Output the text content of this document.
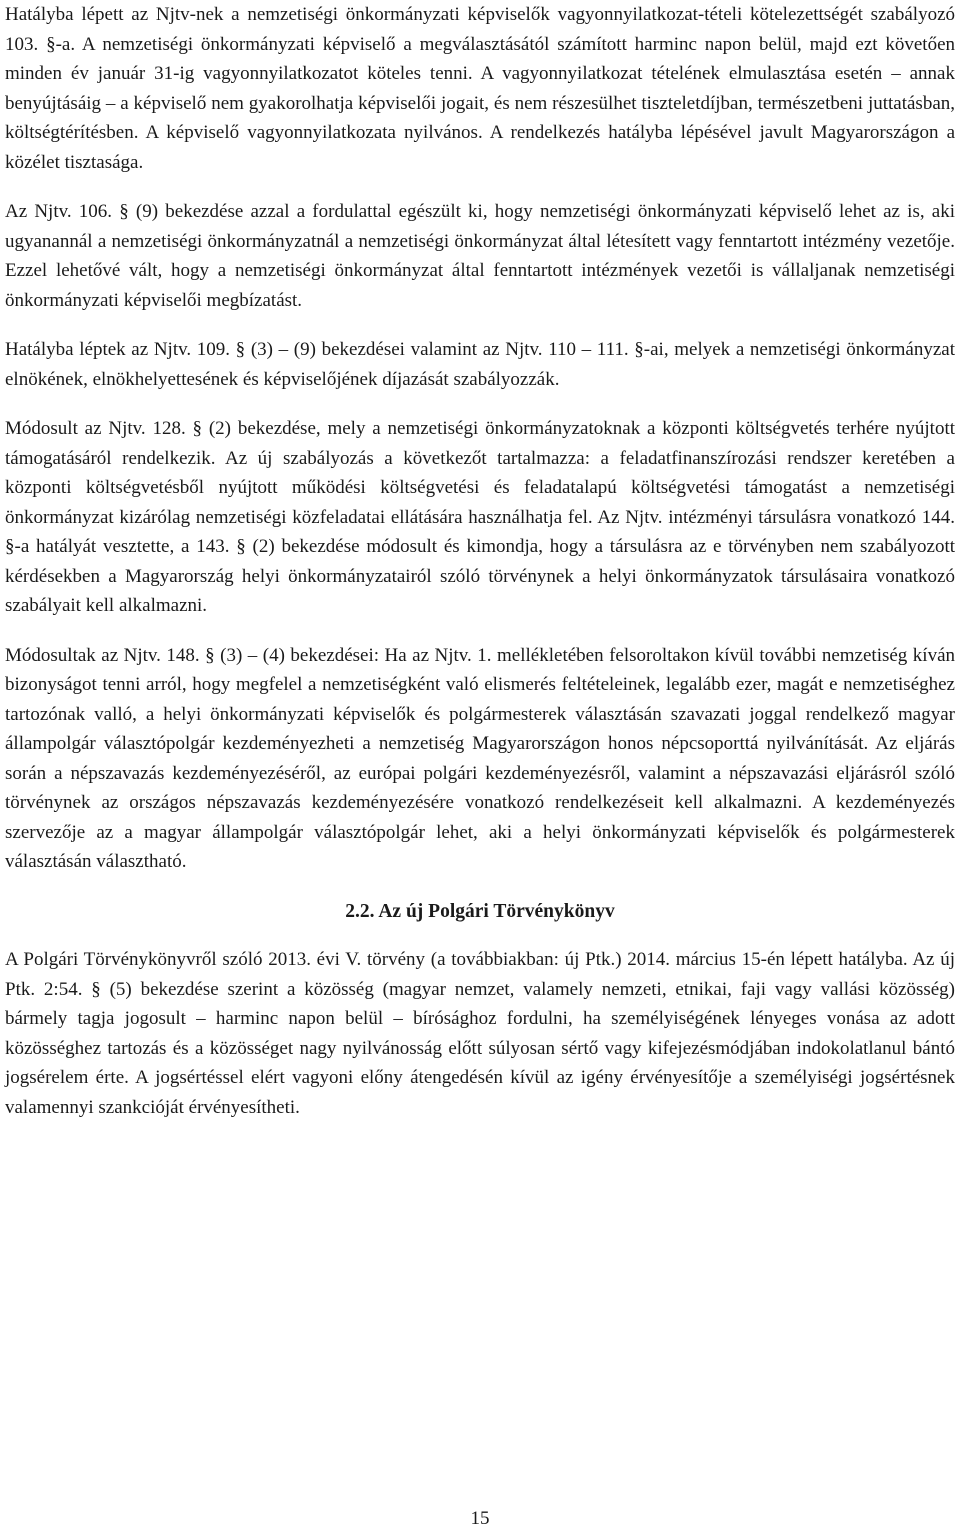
Hatályba lépett az Njtv-nek a nemzetiségi önkormányzati képviselők vagyonnyilatkozat-tételi kötelezettségét szabályozó 103. §-a. A nemzetiségi önkormányzati képviselő a megválasztásától számított harminc napon belül, majd ezt követően minden év január 31-ig vagyonnyilatkozatot köteles tenni. A vagyonnyilatkozat tételének elmulasztása esetén – annak benyújtásáig – a képviselő nem gyakorolhatja képviselői jogait, és nem részesülhet tiszteletdíjban, természetbeni juttatásban, költségtérítésben. A képviselő vagyonnyilatkozata nyilvános. A rendelkezés hatályba lépésével javult Magyarországon a közélet tisztasága.

Az Njtv. 106. § (9) bekezdése azzal a fordulattal egészült ki, hogy nemzetiségi önkormányzati képviselő lehet az is, aki ugyanannál a nemzetiségi önkormányzatnál a nemzetiségi önkormányzat által létesített vagy fenntartott intézmény vezetője. Ezzel lehetővé vált, hogy a nemzetiségi önkormányzat által fenntartott intézmények vezetői is vállaljanak nemzetiségi önkormányzati képviselői megbízatást.

Hatályba léptek az Njtv. 109. § (3) – (9) bekezdései valamint az Njtv. 110 – 111. §-ai, melyek a nemzetiségi önkormányzat elnökének, elnökhelyettesének és képviselőjének díjazását szabályozzák.

Módosult az Njtv. 128. § (2) bekezdése, mely a nemzetiségi önkormányzatoknak a központi költségvetés terhére nyújtott támogatásáról rendelkezik. Az új szabályozás a következőt tartalmazza: a feladatfinanszírozási rendszer keretében a központi költségvetésből nyújtott működési költségvetési és feladatalapú költségvetési támogatást a nemzetiségi önkormányzat kizárólag nemzetiségi közfeladatai ellátására használhatja fel. Az Njtv. intézményi társulásra vonatkozó 144. §-a hatályát vesztette, a 143. § (2) bekezdése módosult és kimondja, hogy a társulásra az e törvényben nem szabályozott kérdésekben a Magyarország helyi önkormányzatairól szóló törvénynek a helyi önkormányzatok társulásaira vonatkozó szabályait kell alkalmazni.

Módosultak az Njtv. 148. § (3) – (4) bekezdései: Ha az Njtv. 1. mellékletében felsoroltakon kívül további nemzetiség kíván bizonyságot tenni arról, hogy megfelel a nemzetiségként való elismerés feltételeinek, legalább ezer, magát e nemzetiséghez tartozónak valló, a helyi önkormányzati képviselők és polgármesterek választásán szavazati joggal rendelkező magyar állampolgár választópolgár kezdeményezheti a nemzetiség Magyarországon honos népcsoporttá nyilvánítását. Az eljárás során a népszavazás kezdeményezéséről, az európai polgári kezdeményezésről, valamint a népszavazási eljárásról szóló törvénynek az országos népszavazás kezdeményezésére vonatkozó rendelkezéseit kell alkalmazni. A kezdeményezés szervezője az a magyar állampolgár választópolgár lehet, aki a helyi önkormányzati képviselők és polgármesterek választásán választható.

2.2. Az új Polgári Törvénykönyv

A Polgári Törvénykönyvről szóló 2013. évi V. törvény (a továbbiakban: új Ptk.) 2014. március 15-én lépett hatályba. Az új Ptk. 2:54. § (5) bekezdése szerint a közösség (magyar nemzet, valamely nemzeti, etnikai, faji vagy vallási közösség) bármely tagja jogosult – harminc napon belül – bírósághoz fordulni, ha személyiségének lényeges vonása az adott közösséghez tartozás és a közösséget nagy nyilvánosság előtt súlyosan sértő vagy kifejezésmódjában indokolatlanul bántó jogsérelem érte. A jogsértéssel elért vagyoni előny átengedésén kívül az igény érvényesítője a személyiségi jogsértésnek valamennyi szankcióját érvényesítheti.

15
